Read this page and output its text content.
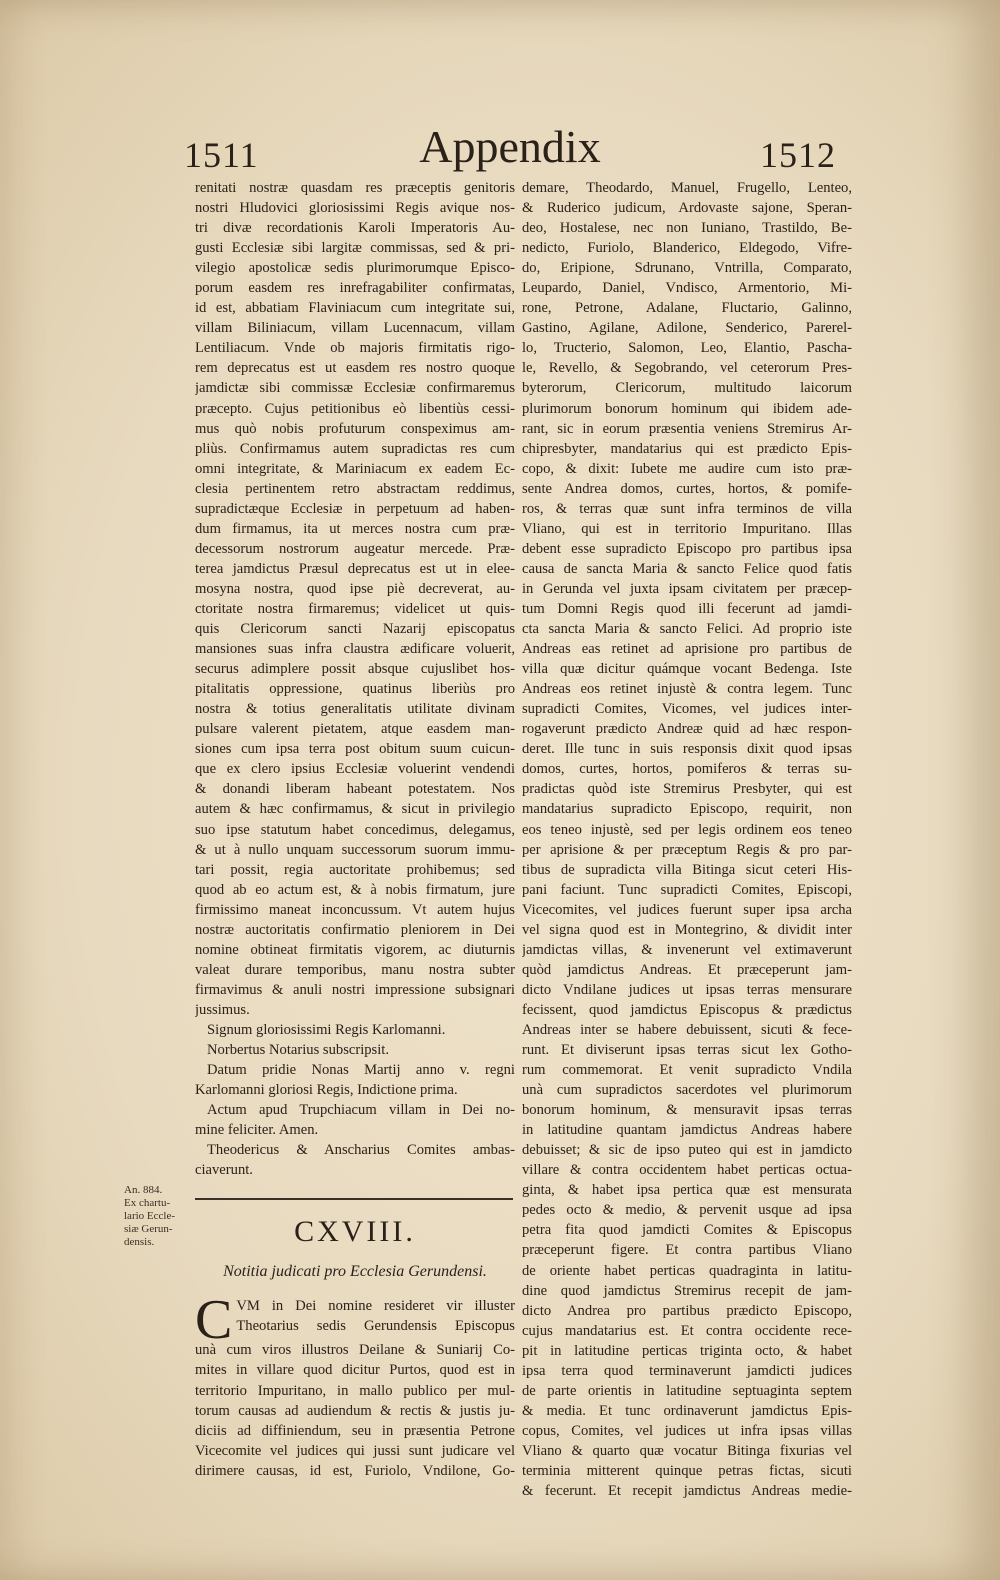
1511	Appendix	1512
An. 884.
Ex chartu-
lario Eccle-
siæ Gerun-
densis.
renitati nostræ quasdam res præceptis genitoris
nostri Hludovici gloriosissimi Regis avique nos-
tri divæ recordationis Karoli Imperatoris Au-
gusti Ecclesiæ sibi largitæ commissas, sed & pri-
vilegio apostolicæ sedis plurimorumque Episco-
porum easdem res inrefragabiliter confirmatas,
id est, abbatiam Flaviniacum cum integritate sui,
villam Biliniacum, villam Lucennacum, villam
Lentiliacum. Vnde ob majoris firmitatis rigo-
rem deprecatus est ut easdem res nostro quoque
jamdictæ sibi commissæ Ecclesiæ confirmaremus
præcepto. Cujus petitionibus eò libentiùs cessi-
mus quò nobis profuturum conspeximus am-
pliùs. Confirmamus autem supradictas res cum
omni integritate, & Mariniacum ex eadem Ec-
clesia pertinentem retro abstractam reddimus,
supradictæque Ecclesiæ in perpetuum ad haben-
dum firmamus, ita ut merces nostra cum præ-
decessorum nostrorum augeatur mercede. Præ-
terea jamdictus Præsul deprecatus est ut in elee-
mosyna nostra, quod ipse piè decreverat, au-
ctoritate nostra firmaremus; videlicet ut quis-
quis Clericorum sancti Nazarij episcopatus
mansiones suas infra claustra ædificare voluerit,
securus adimplere possit absque cujuslibet hos-
pitalitatis oppressione, quatinus liberiùs pro
nostra & totius generalitatis utilitate divinam
pulsare valerent pietatem, atque easdem man-
siones cum ipsa terra post obitum suum cuicun-
que ex clero ipsius Ecclesiæ voluerint vendendi
& donandi liberam habeant potestatem. Nos
autem & hæc confirmamus, & sicut in privilegio
suo ipse statutum habet concedimus, delegamus,
& ut à nullo unquam successorum suorum immu-
tari possit, regia auctoritate prohibemus; sed
quod ab eo actum est, & à nobis firmatum, jure
firmissimo maneat inconcussum. Vt autem hujus
nostræ auctoritatis confirmatio pleniorem in Dei
nomine obtineat firmitatis vigorem, ac diuturnis
valeat durare temporibus, manu nostra subter
firmavimus & anuli nostri impressione subsignari
jussimus.
Signum gloriosissimi Regis Karlomanni.
Norbertus Notarius subscripsit.
Datum pridie Nonas Martij anno v. regni
Karlomanni gloriosi Regis, Indictione prima.
Actum apud Trupchiacum villam in Dei no-
mine feliciter. Amen.
Theodericus & Anscharius Comites ambas-
ciaverunt.
CXVIII.
Notitia judicati pro Ecclesia Gerundensi.
C VM in Dei nomine resideret vir illuster
Theotarius sedis Gerundensis Episcopus
unà cum viros illustros Deilane & Suniarij Co-
mites in villare quod dicitur Purtos, quod est in
territorio Impuritano, in mallo publico per mul-
torum causas ad audiendum & rectis & justis ju-
diciis ad diffiniendum, seu in præsentia Petrone
Vicecomite vel judices qui jussi sunt judicare vel
dirimere causas, id est, Furiolo, Vndilone, Go-
demare, Theodardo, Manuel, Frugello, Lenteo,
& Ruderico judicum, Ardovaste sajone, Speran-
deo, Hostalese, nec non Iuniano, Trastildo, Be-
nedicto, Furiolo, Blanderico, Eldegodo, Vifre-
do, Eripione, Sdrunano, Vntrilla, Comparato,
Leupardo, Daniel, Vndisco, Armentorio, Mi-
rone, Petrone, Adalane, Fluctario, Galinno,
Gastino, Agilane, Adilone, Senderico, Parerel-
lo, Tructerio, Salomon, Leo, Elantio, Pascha-
le, Revello, & Segobrando, vel ceterorum Pres-
byterorum, Clericorum, multitudo laicorum
plurimorum bonorum hominum qui ibidem ade-
rant, sic in eorum præsentia veniens Stremirus Ar-
chipresbyter, mandatarius qui est prædicto Epis-
copo, & dixit: Iubete me audire cum isto præ-
sente Andrea domos, curtes, hortos, & pomife-
ros, & terras quæ sunt infra terminos de villa
Vliano, qui est in territorio Impuritano. Illas
debent esse supradicto Episcopo pro partibus ipsa
causa de sancta Maria & sancto Felice quod fatis
in Gerunda vel juxta ipsam civitatem per præcep-
tum Domni Regis quod illi fecerunt ad jamdi-
cta sancta Maria & sancto Felici. Ad proprio iste
Andreas eas retinet ad aprisione pro partibus de
villa quæ dicitur quámque vocant Bedenga. Iste
Andreas eos retinet injustè & contra legem. Tunc
supradicti Comites, Vicomes, vel judices inter-
rogaverunt prædicto Andreæ quid ad hæc respon-
deret. Ille tunc in suis responsis dixit quod ipsas
domos, curtes, hortos, pomiferos & terras su-
pradictas quòd iste Stremirus Presbyter, qui est
mandatarius supradicto Episcopo, requirit, non
eos teneo injustè, sed per legis ordinem eos teneo
per aprisione & per præceptum Regis & pro par-
tibus de supradicta villa Bitinga sicut ceteri His-
pani faciunt. Tunc supradicti Comites, Episcopi,
Vicecomites, vel judices fuerunt super ipsa archa
vel signa quod est in Montegrino, & dividit inter
jamdictas villas, & invenerunt vel extimaverunt
quòd jamdictus Andreas. Et præceperunt jam-
dicto Vndilane judices ut ipsas terras mensurare
fecissent, quod jamdictus Episcopus & prædictus
Andreas inter se habere debuissent, sicuti & fece-
runt. Et diviserunt ipsas terras sicut lex Gotho-
rum commemorat. Et venit supradicto Vndila
unà cum supradictos sacerdotes vel plurimorum
bonorum hominum, & mensuravit ipsas terras
in latitudine quantam jamdictus Andreas habere
debuisset; & sic de ipso puteo qui est in jamdicto
villare & contra occidentem habet perticas octua-
ginta, & habet ipsa pertica quæ est mensurata
pedes octo & medio, & pervenit usque ad ipsa
petra fita quod jamdicti Comites & Episcopus
præceperunt figere. Et contra partibus Vliano
de oriente habet perticas quadraginta in latitu-
dine quod jamdictus Stremirus recepit de jam-
dicto Andrea pro partibus prædicto Episcopo,
cujus mandatarius est. Et contra occidente rece-
pit in latitudine perticas triginta octo, & habet
ipsa terra quod terminaverunt jamdicti judices
de parte orientis in latitudine septuaginta septem
& media. Et tunc ordinaverunt jamdictus Epis-
copus, Comites, vel judices ut infra ipsas villas
Vliano & quarto quæ vocatur Bitinga fixurias vel
terminia mitterent quinque petras fictas, sicuti
& fecerunt. Et recepit jamdictus Andreas medie-
